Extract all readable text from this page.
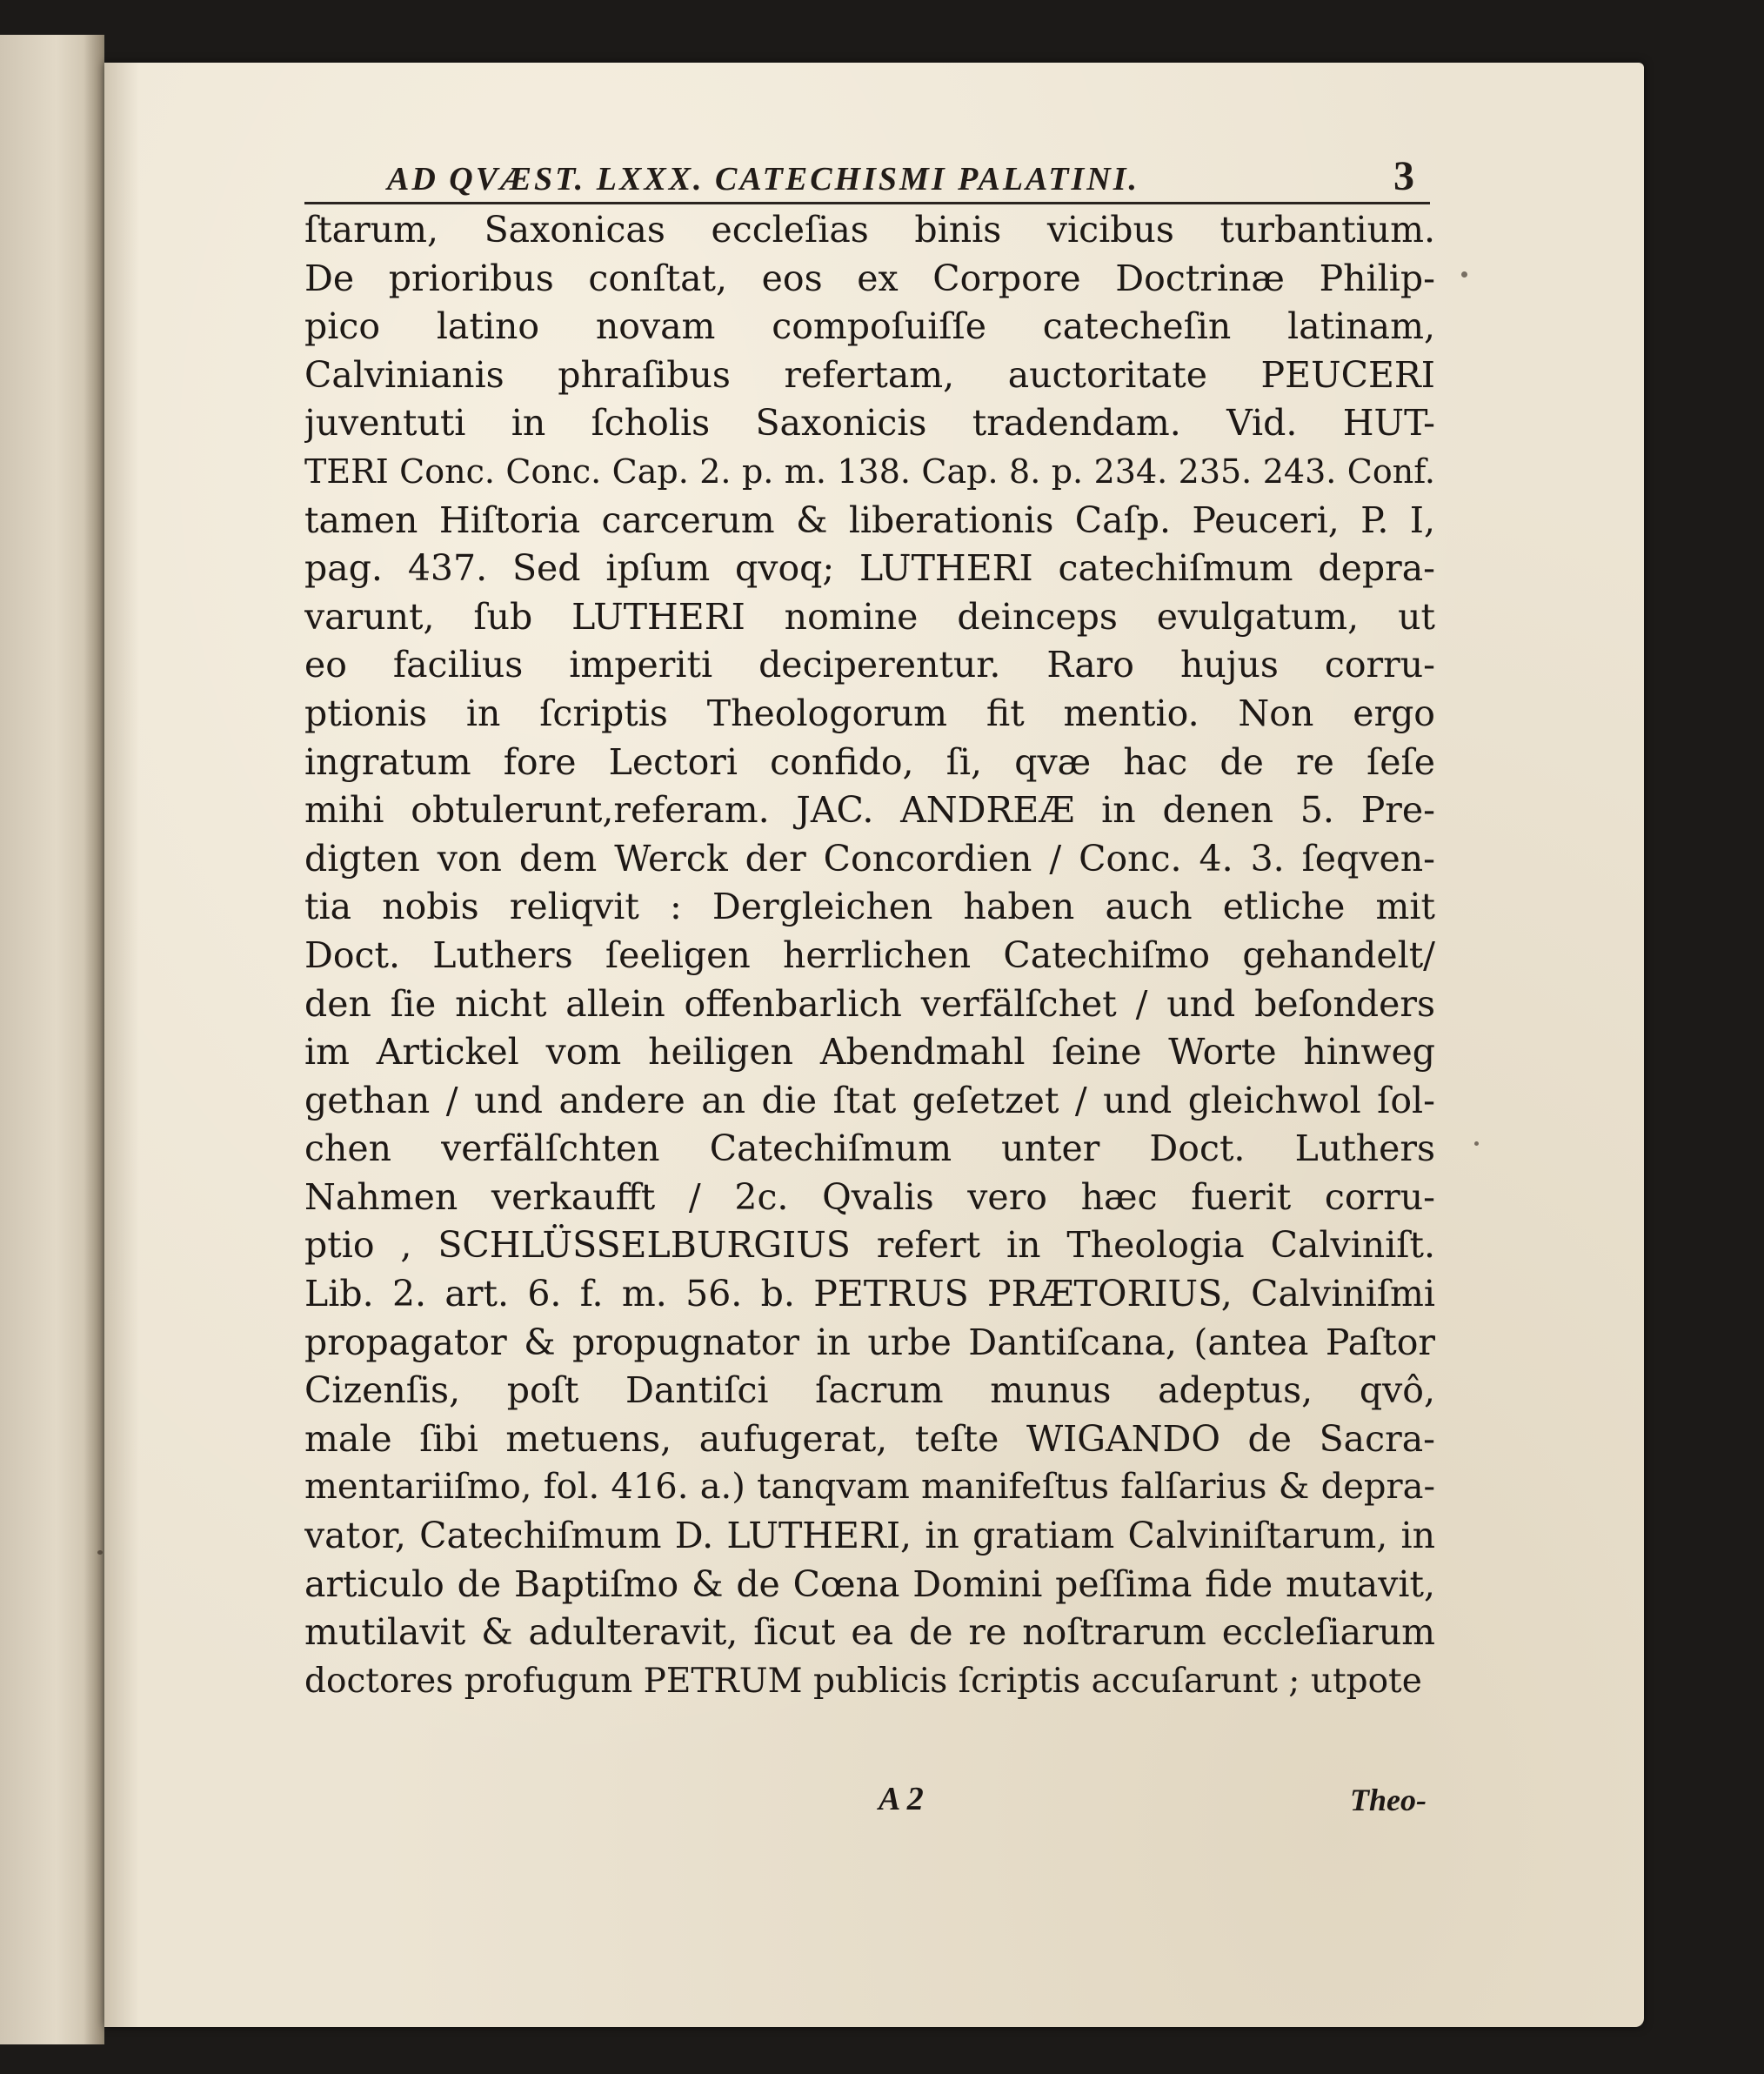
AD QVÆST. LXXX. CATECHISMI PALATINI.	3
ſtarum, Saxonicas eccleſias binis vicibus turbantium.
De prioribus conſtat, eos ex Corpore Doctrinæ Philip-
pico latino novam compoſuiſſe catecheſin latinam,
Calvinianis phraſibus refertam, auctoritate PEUCERI
juventuti in ſcholis Saxonicis tradendam. Vid. HUT-
TERI Conc. Conc. Cap. 2. p. m. 138. Cap. 8. p. 234. 235. 243. Conf.
tamen Hiſtoria carcerum & liberationis Caſp. Peuceri, P. I,
pag. 437. Sed ipſum qvoq; LUTHERI catechiſmum depra-
varunt, ſub LUTHERI nomine deinceps evulgatum, ut
eo facilius imperiti deciperentur. Raro hujus corru-
ptionis in ſcriptis Theologorum fit mentio. Non ergo
ingratum fore Lectori confido, ſi, qvæ hac de re ſeſe
mihi obtulerunt,referam. JAC. ANDREÆ in denen 5. Pre-
digten von dem Werck der Concordien / Conc. 4. 3. ſeqven-
tia nobis reliqvit : Dergleichen haben auch etliche mit
Doct. Luthers ſeeligen herrlichen Catechiſmo gehandelt/
den ſie nicht allein offenbarlich verfälſchet / und beſonders
im Artickel vom heiligen Abendmahl ſeine Worte hinweg
gethan / und andere an die ſtat geſetzet / und gleichwol ſol-
chen verfälſchten Catechiſmum unter Doct. Luthers
Nahmen verkaufft / 2c. Qvalis vero hæc fuerit corru-
ptio , SCHLÜSSELBURGIUS refert in Theologia Calviniſt.
Lib. 2. art. 6. f. m. 56. b. PETRUS PRÆTORIUS, Calviniſmi
propagator & propugnator in urbe Dantiſcana, (antea Paſtor
Cizenſis, poſt Dantiſci ſacrum munus adeptus, qvô,
male ſibi metuens, aufugerat, teſte WIGANDO de Sacra-
mentariiſmo, fol. 416. a.) tanqvam manifeſtus falſarius & depra-
vator, Catechiſmum D. LUTHERI, in gratiam Calviniſtarum, in
articulo de Baptiſmo & de Cœna Domini peſſima fide mutavit,
mutilavit & adulteravit, ſicut ea de re noſtrarum eccleſiarum
doctores profugum PETRUM publicis ſcriptis accuſarunt ; utpote
A 2	Theo-
